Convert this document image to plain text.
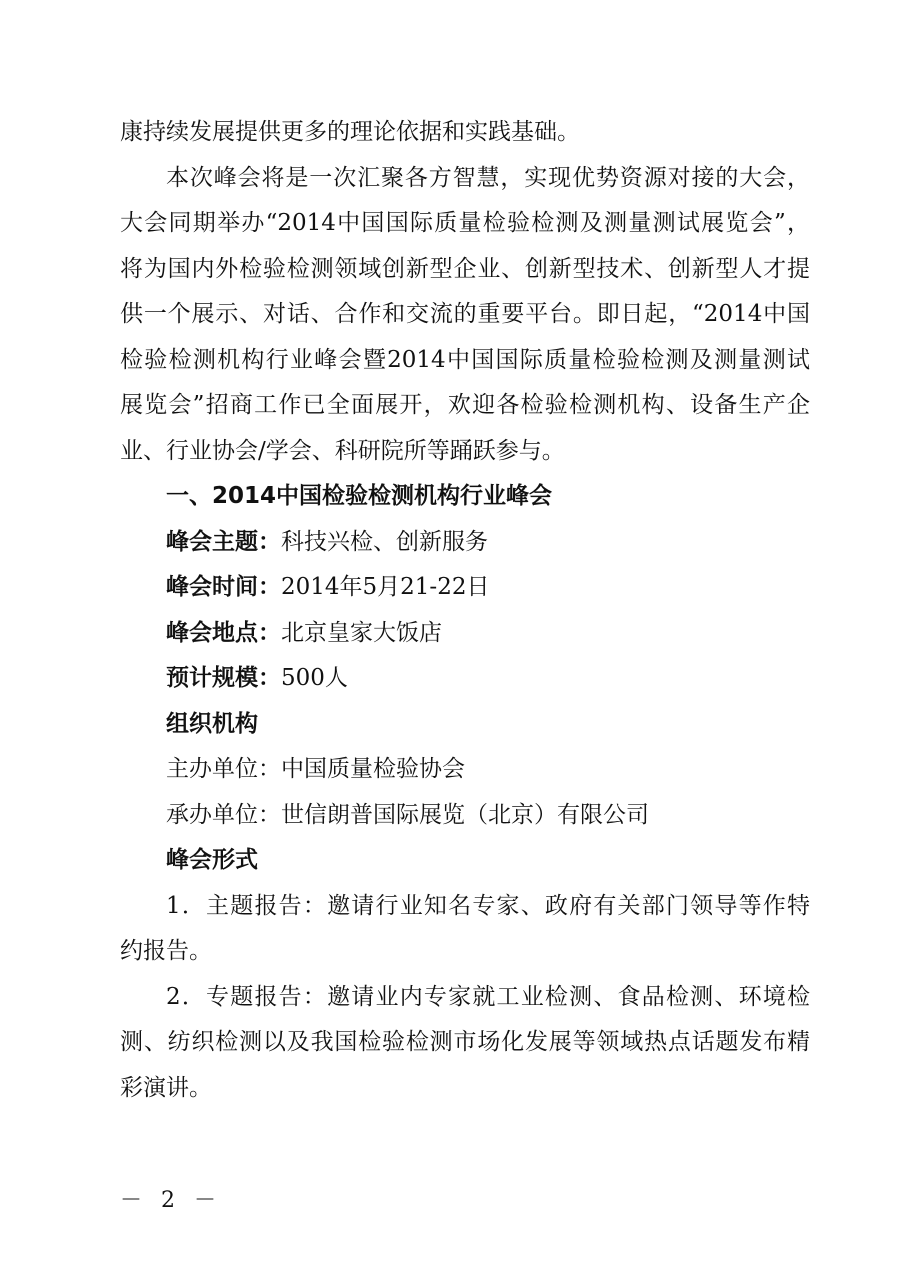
康持续发展提供更多的理论依据和实践基础。

本次峰会将是一次汇聚各方智慧，实现优势资源对接的大会，
大会同期举办“2014中国国际质量检验检测及测量测试展览会”，
将为国内外检验检测领域创新型企业、创新型技术、创新型人才提
供一个展示、对话、合作和交流的重要平台。即日起，“2014中国
检验检测机构行业峰会暨2014中国国际质量检验检测及测量测试
展览会”招商工作已全面展开，欢迎各检验检测机构、设备生产企
业、行业协会/学会、科研院所等踊跃参与。

一、2014中国检验检测机构行业峰会

峰会主题：科技兴检、创新服务

峰会时间：2014年5月21-22日

峰会地点：北京皇家大饭店

预计规模：500人

组织机构

主办单位：中国质量检验协会

承办单位：世信朗普国际展览（北京）有限公司

峰会形式

1．主题报告：邀请行业知名专家、政府有关部门领导等作特
约报告。

2．专题报告：邀请业内专家就工业检测、食品检测、环境检
测、纺织检测以及我国检验检测市场化发展等领域热点话题发布精
彩演讲。

－ 2 －
